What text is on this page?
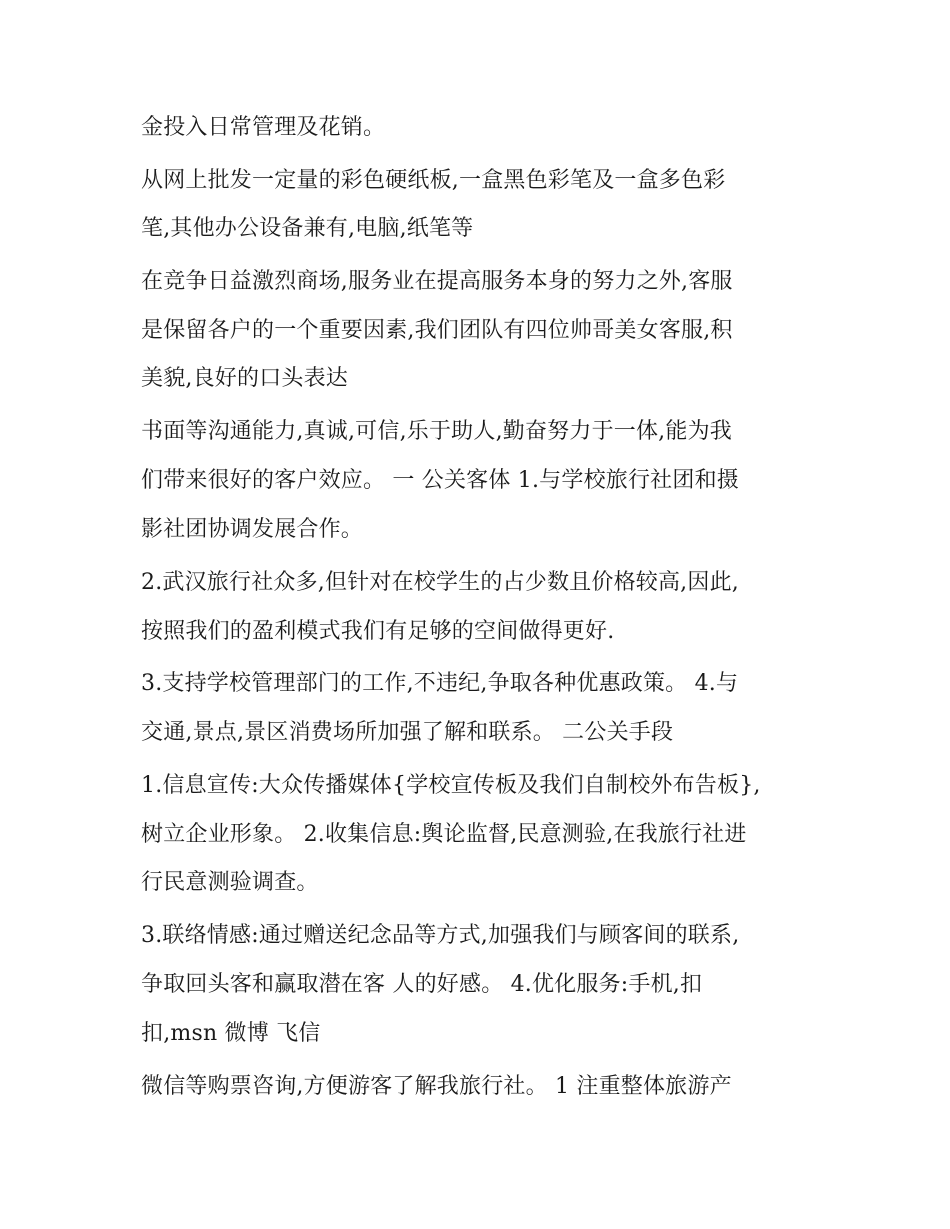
金投入日常管理及花销。
从网上批发一定量的彩色硬纸板,一盒黑色彩笔及一盒多色彩
笔,其他办公设备兼有,电脑,纸笔等
在竞争日益激烈商场,服务业在提高服务本身的努力之外,客服
是保留各户的一个重要因素,我们团队有四位帅哥美女客服,积
美貌,良好的口头表达
书面等沟通能力,真诚,可信,乐于助人,勤奋努力于一体,能为我
们带来很好的客户效应。 一 公关客体 1.与学校旅行社团和摄
影社团协调发展合作。
2.武汉旅行社众多,但针对在校学生的占少数且价格较高,因此,
按照我们的盈利模式我们有足够的空间做得更好.
3.支持学校管理部门的工作,不违纪,争取各种优惠政策。 4.与
交通,景点,景区消费场所加强了解和联系。 二公关手段
1.信息宣传:大众传播媒体{学校宣传板及我们自制校外布告板},
树立企业形象。 2.收集信息:舆论监督,民意测验,在我旅行社进
行民意测验调查。
3.联络情感:通过赠送纪念品等方式,加强我们与顾客间的联系,
争取回头客和赢取潜在客 人的好感。 4.优化服务:手机,扣
扣,msn 微博 飞信
微信等购票咨询,方便游客了解我旅行社。 1 注重整体旅游产
